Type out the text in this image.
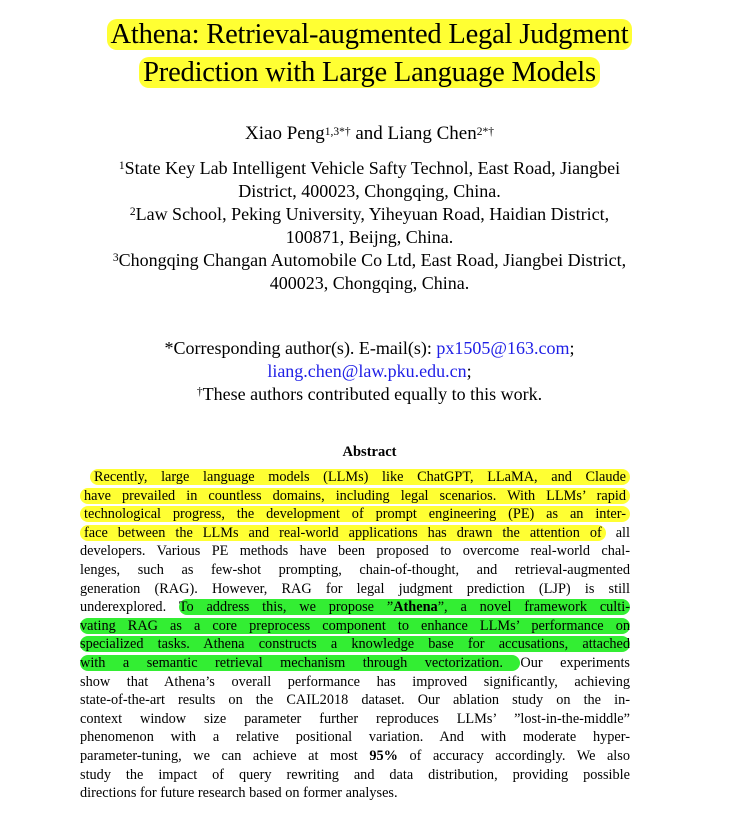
Athena: Retrieval-augmented Legal Judgment
Prediction with Large Language Models
Xiao Peng$^{1,3*\dagger}$ and Liang Chen$^{2*\dagger}$
$^1$State Key Lab Intelligent Vehicle Safty Technol, East Road, Jiangbei
District, 400023, Chongqing, China.
$^2$Law School, Peking University, Yiheyuan Road, Haidian District,
100871, Beijng, China.
$^3$Chongqing Changan Automobile Co Ltd, East Road, Jiangbei District,
400023, Chongqing, China.
*Corresponding author(s). E-mail(s): px1505@163.com;
liang.chen@law.pku.edu.cn;
†These authors contributed equally to this work.
Abstract
Recently, large language models (LLMs) like ChatGPT, LLaMA, and Claude
have prevailed in countless domains, including legal scenarios. With LLMs’ rapid
technological progress, the development of prompt engineering (PE) as an inter-
face between the LLMs and real-world applications has drawn the attention of all
developers. Various PE methods have been proposed to overcome real-world chal-
lenges, such as few-shot prompting, chain-of-thought, and retrieval-augmented
generation (RAG). However, RAG for legal judgment prediction (LJP) is still
underexplored. To address this, we propose ”Athena”, a novel framework culti-
vating RAG as a core preprocess component to enhance LLMs’ performance on
specialized tasks. Athena constructs a knowledge base for accusations, attached
with a semantic retrieval mechanism through vectorization. Our experiments
show that Athena’s overall performance has improved significantly, achieving
state-of-the-art results on the CAIL2018 dataset. Our ablation study on the in-
context window size parameter further reproduces LLMs’ ”lost-in-the-middle”
phenomenon with a relative positional variation. And with moderate hyper-
parameter-tuning, we can achieve at most 95% of accuracy accordingly. We also
study the impact of query rewriting and data distribution, providing possible
directions for future research based on former analyses.
